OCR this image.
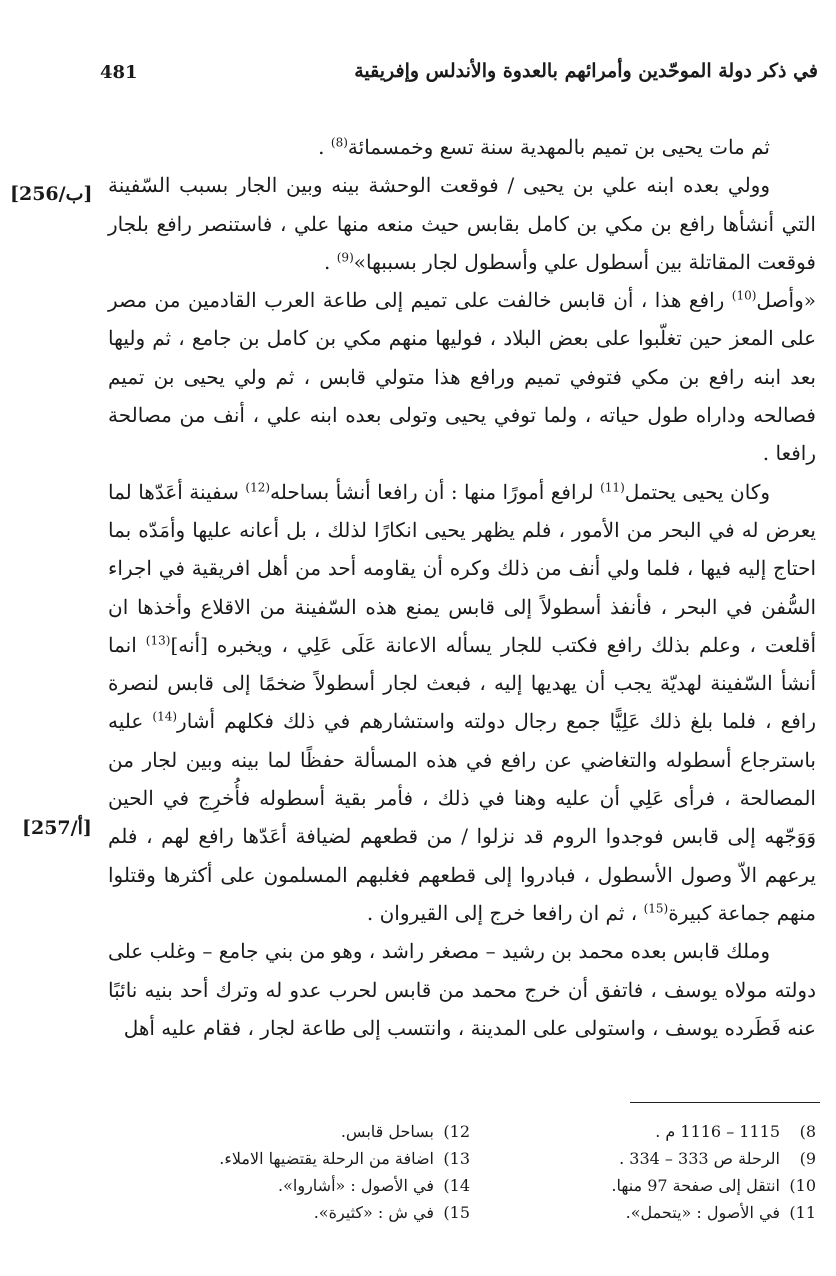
في ذكر دولة الموحّدين وأمرائهم بالعدوة والأندلس وإفريقية
481
[256/ب]
[257/أ]

ثم مات يحيى بن تميم بالمهدية سنة تسع وخمسمائة$^{(8)}$ .

وولي بعده ابنه علي بن يحيى / فوقعت الوحشة بينه وبين الجار بسبب السّفينة التي أنشأها رافع بن مكي بن كامل بقابس حيث منعه منها علي ، فاستنصر رافع بلجار فوقعت المقاتلة بين أسطول علي وأسطول لجار بسببها»$^{(9)}$ .

«وأصل$^{(10)}$ رافع هذا ، أن قابس خالفت على تميم إلى طاعة العرب القادمين من مصر على المعز حين تغلّبوا على بعض البلاد ، فوليها منهم مكي بن كامل بن جامع ، ثم وليها بعد ابنه رافع بن مكي فتوفي تميم ورافع هذا متولي قابس ، ثم ولي يحيى بن تميم فصالحه وداراه طول حياته ، ولما توفي يحيى وتولى بعده ابنه علي ، أنف من مصالحة رافعا .

وكان يحيى يحتمل$^{(11)}$ لرافع أمورًا منها : أن رافعا أنشأ بساحله$^{(12)}$ سفينة أعَدّها لما يعرض له في البحر من الأمور ، فلم يظهر يحيى انكارًا لذلك ، بل أعانه عليها وأمَدّه بما احتاج إليه فيها ، فلما ولي أنف من ذلك وكره أن يقاومه أحد من أهل افريقية في اجراء السُّفن في البحر ، فأنفذ أسطولاً إلى قابس يمنع هذه السّفينة من الاقلاع وأخذها ان أقلعت ، وعلم بذلك رافع فكتب للجار يسأله الاعانة عَلَى عَلِي ، ويخبره [أنه]$^{(13)}$ انما أنشأ السّفينة لهديّة يجب أن يهديها إليه ، فبعث لجار أسطولاً ضخمًا إلى قابس لنصرة رافع ، فلما بلغ ذلك عَلِيًّا جمع رجال دولته واستشارهم في ذلك فكلهم أشار$^{(14)}$ عليه باسترجاع أسطوله والتغاضي عن رافع في هذه المسألة حفظًا لما بينه وبين لجار من المصالحة ، فرأى عَلِي أن عليه وهنا في ذلك ، فأمر بقية أسطوله فأُخرِج في الحين وَوَجّهه إلى قابس فوجدوا الروم قد نزلوا / من قطعهم لضيافة أعَدّها رافع لهم ، فلم يرعهم الاّ وصول الأسطول ، فبادروا إلى قطعهم فغلبهم المسلمون على أكثرها وقتلوا منهم جماعة كبيرة$^{(15)}$ ، ثم ان رافعا خرج إلى القيروان .

وملك قابس بعده محمد بن رشيد – مصغر راشد ، وهو من بني جامع – وغلب على دولته مولاه يوسف ، فاتفق أن خرج محمد من قابس لحرب عدو له وترك أحد بنيه نائبًا عنه فَطَرده يوسف ، واستولى على المدينة ، وانتسب إلى طاعة لجار ، فقام عليه أهل

8)1115 – 1116 م .
9)الرحلة ص 333 – 334 .
10)انتقل إلى صفحة 97 منها.
11)في الأصول : «يتحمل».
12)بساحل قابس.
13)اضافة من الرحلة يقتضيها الاملاء.
14)في الأصول : «أشاروا».
15)في ش : «كثيرة».
